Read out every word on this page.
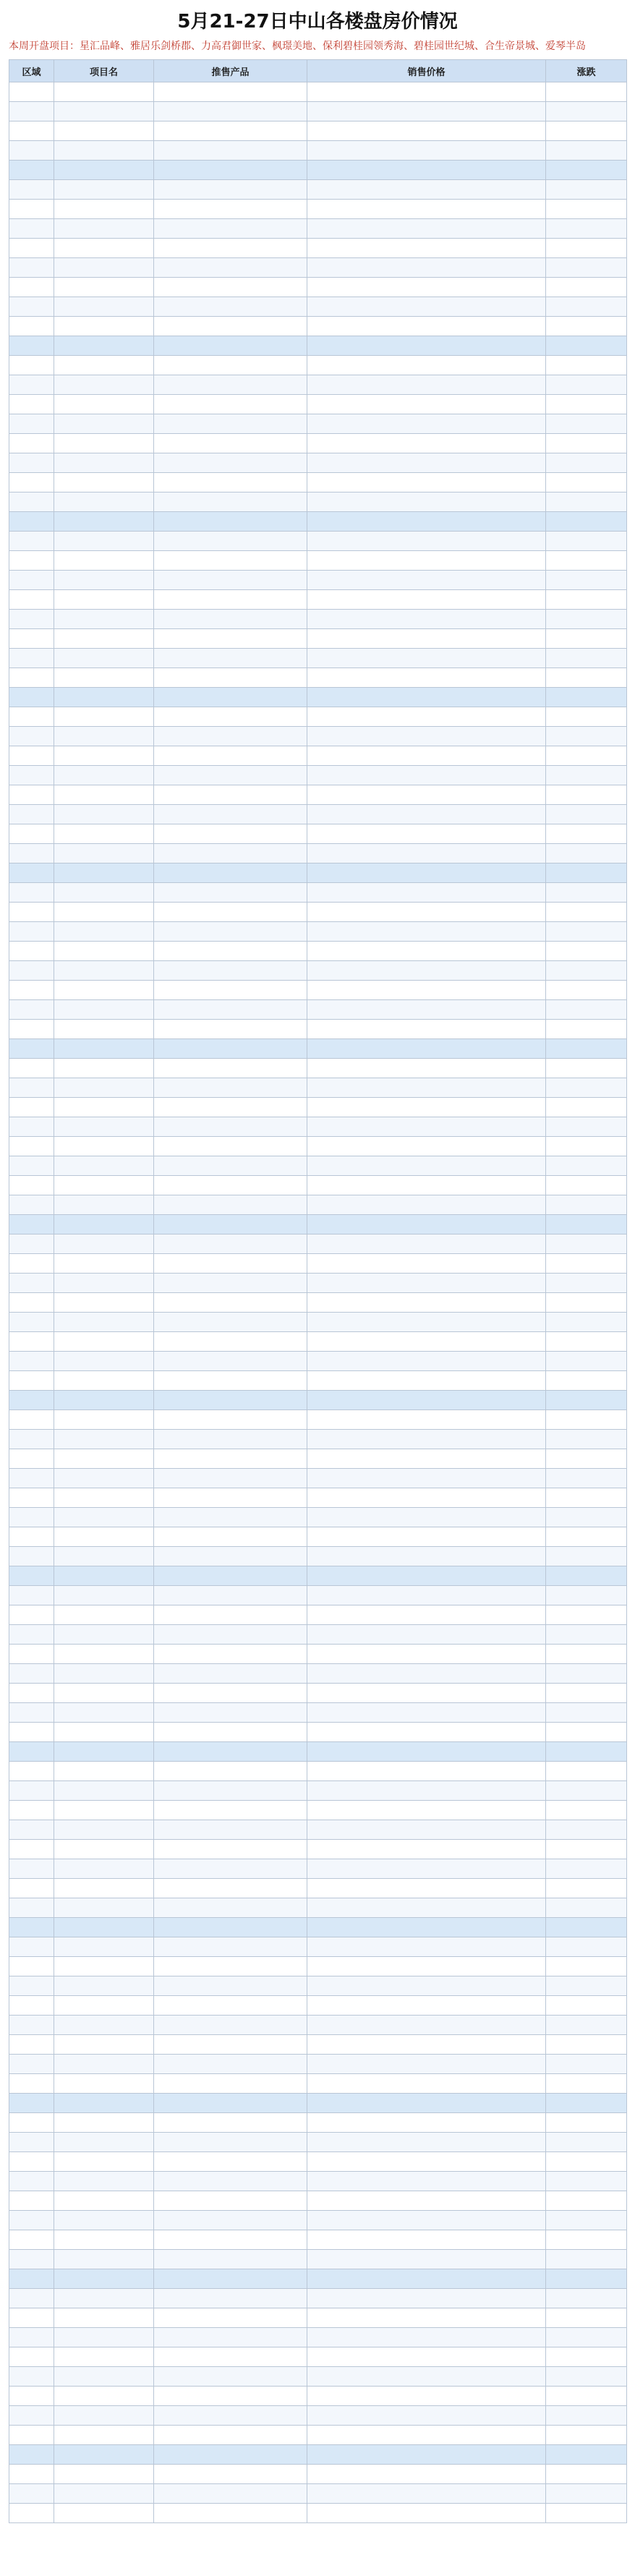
5月21-27日中山各楼盘房价情况

本周开盘项目：星汇品峰、雅居乐剑桥郡、力高君御世家、枫璟美地、保利碧桂园领秀海、碧桂园世纪城、合生帝景城、爱琴半岛

区域	项目名	推售产品	销售价格	涨跌
